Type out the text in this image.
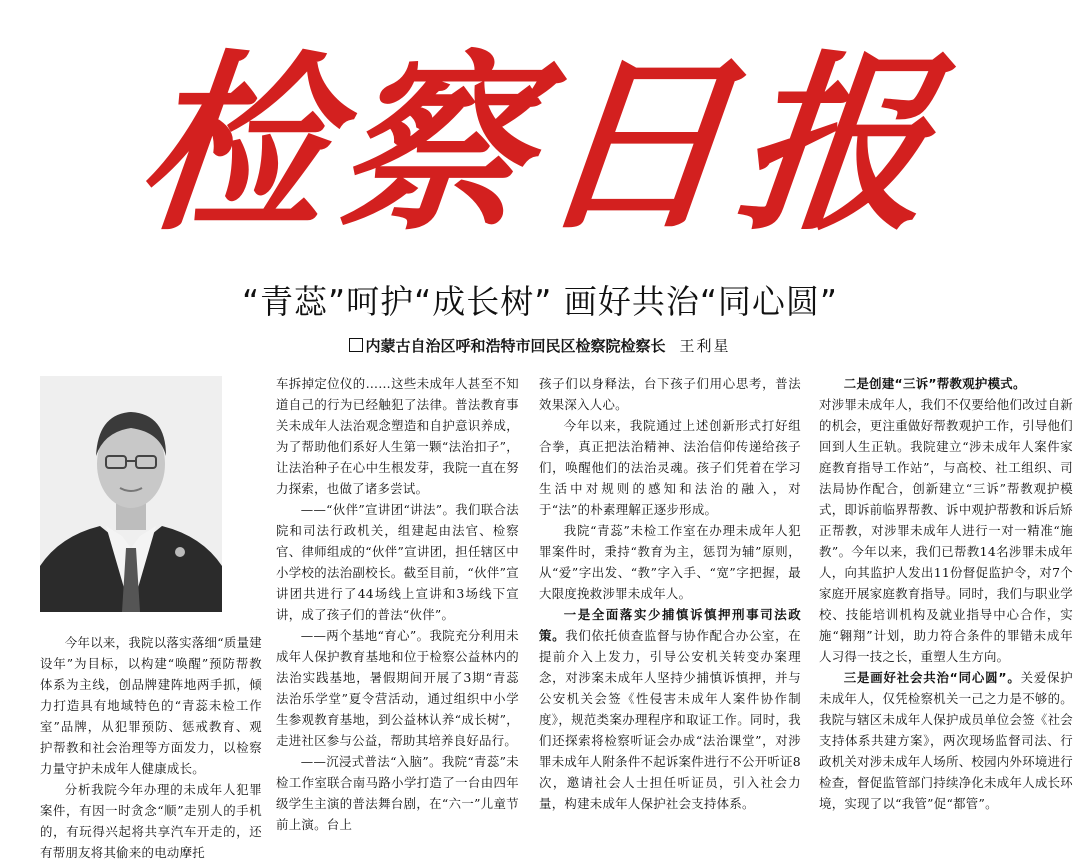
检察日报
“青蕊”呵护“成长树” 画好共治“同心圆”
内蒙古自治区呼和浩特市回民区检察院检察长 王利星

今年以来，我院以落实落细“质量建设年”为目标，以构建“唤醒”预防帮教体系为主线，创品牌建阵地两手抓，倾力打造具有地域特色的“青蕊未检工作室”品牌，从犯罪预防、惩戒教育、观护帮教和社会治理等方面发力，以检察力量守护未成年人健康成长。

分析我院今年办理的未成年人犯罪案件，有因一时贪念“顺”走别人的手机的，有玩得兴起将共享汽车开走的，还有帮朋友将其偷来的电动摩托

车拆掉定位仪的……这些未成年人甚至不知道自己的行为已经触犯了法律。普法教育事关未成年人法治观念塑造和自护意识养成，为了帮助他们系好人生第一颗“法治扣子”，让法治种子在心中生根发芽，我院一直在努力探索，也做了诸多尝试。

——“伙伴”宣讲团“讲法”。我们联合法院和司法行政机关，组建起由法官、检察官、律师组成的“伙伴”宣讲团，担任辖区中小学校的法治副校长。截至目前，“伙伴”宣讲团共进行了44场线上宣讲和3场线下宣讲，成了孩子们的普法“伙伴”。

——两个基地“育心”。我院充分利用未成年人保护教育基地和位于检察公益林内的法治实践基地，暑假期间开展了3期“青蕊法治乐学堂”夏令营活动，通过组织中小学生参观教育基地，到公益林认养“成长树”，走进社区参与公益，帮助其培养良好品行。

——沉浸式普法“入脑”。我院“青蕊”未检工作室联合南马路小学打造了一台由四年级学生主演的普法舞台剧，在“六一”儿童节前上演。台上

孩子们以身释法，台下孩子们用心思考，普法效果深入人心。

今年以来，我院通过上述创新形式打好组合拳，真正把法治精神、法治信仰传递给孩子们，唤醒他们的法治灵魂。孩子们凭着在学习生活中对规则的感知和法治的融入，对于“法”的朴素理解正逐步形成。

我院“青蕊”未检工作室在办理未成年人犯罪案件时，秉持“教育为主，惩罚为辅”原则，从“爱”字出发、“教”字入手、“宽”字把握，最大限度挽救涉罪未成年人。

一是全面落实少捕慎诉慎押刑事司法政策。我们依托侦查监督与协作配合办公室，在提前介入上发力，引导公安机关转变办案理念，对涉案未成年人坚持少捕慎诉慎押，并与公安机关会签《性侵害未成年人案件协作制度》，规范类案办理程序和取证工作。同时，我们还探索将检察听证会办成“法治课堂”，对涉罪未成年人附条件不起诉案件进行不公开听证8次，邀请社会人士担任听证员，引入社会力量，构建未成年人保护社会支持体系。

二是创建“三诉”帮教观护模式。

对涉罪未成年人，我们不仅要给他们改过自新的机会，更注重做好帮教观护工作，引导他们回到人生正轨。我院建立“涉未成年人案件家庭教育指导工作站”，与高校、社工组织、司法局协作配合，创新建立“三诉”帮教观护模式，即诉前临界帮教、诉中观护帮教和诉后矫正帮教，对涉罪未成年人进行一对一精准“施教”。今年以来，我们已帮教14名涉罪未成年人，向其监护人发出11份督促监护令，对7个家庭开展家庭教育指导。同时，我们与职业学校、技能培训机构及就业指导中心合作，实施“翱翔”计划，助力符合条件的罪错未成年人习得一技之长，重塑人生方向。

三是画好社会共治“同心圆”。关爱保护未成年人，仅凭检察机关一己之力是不够的。我院与辖区未成年人保护成员单位会签《社会支持体系共建方案》，两次现场监督司法、行政机关对涉未成年人场所、校园内外环境进行检查，督促监管部门持续净化未成年人成长环境，实现了以“我管”促“都管”。
